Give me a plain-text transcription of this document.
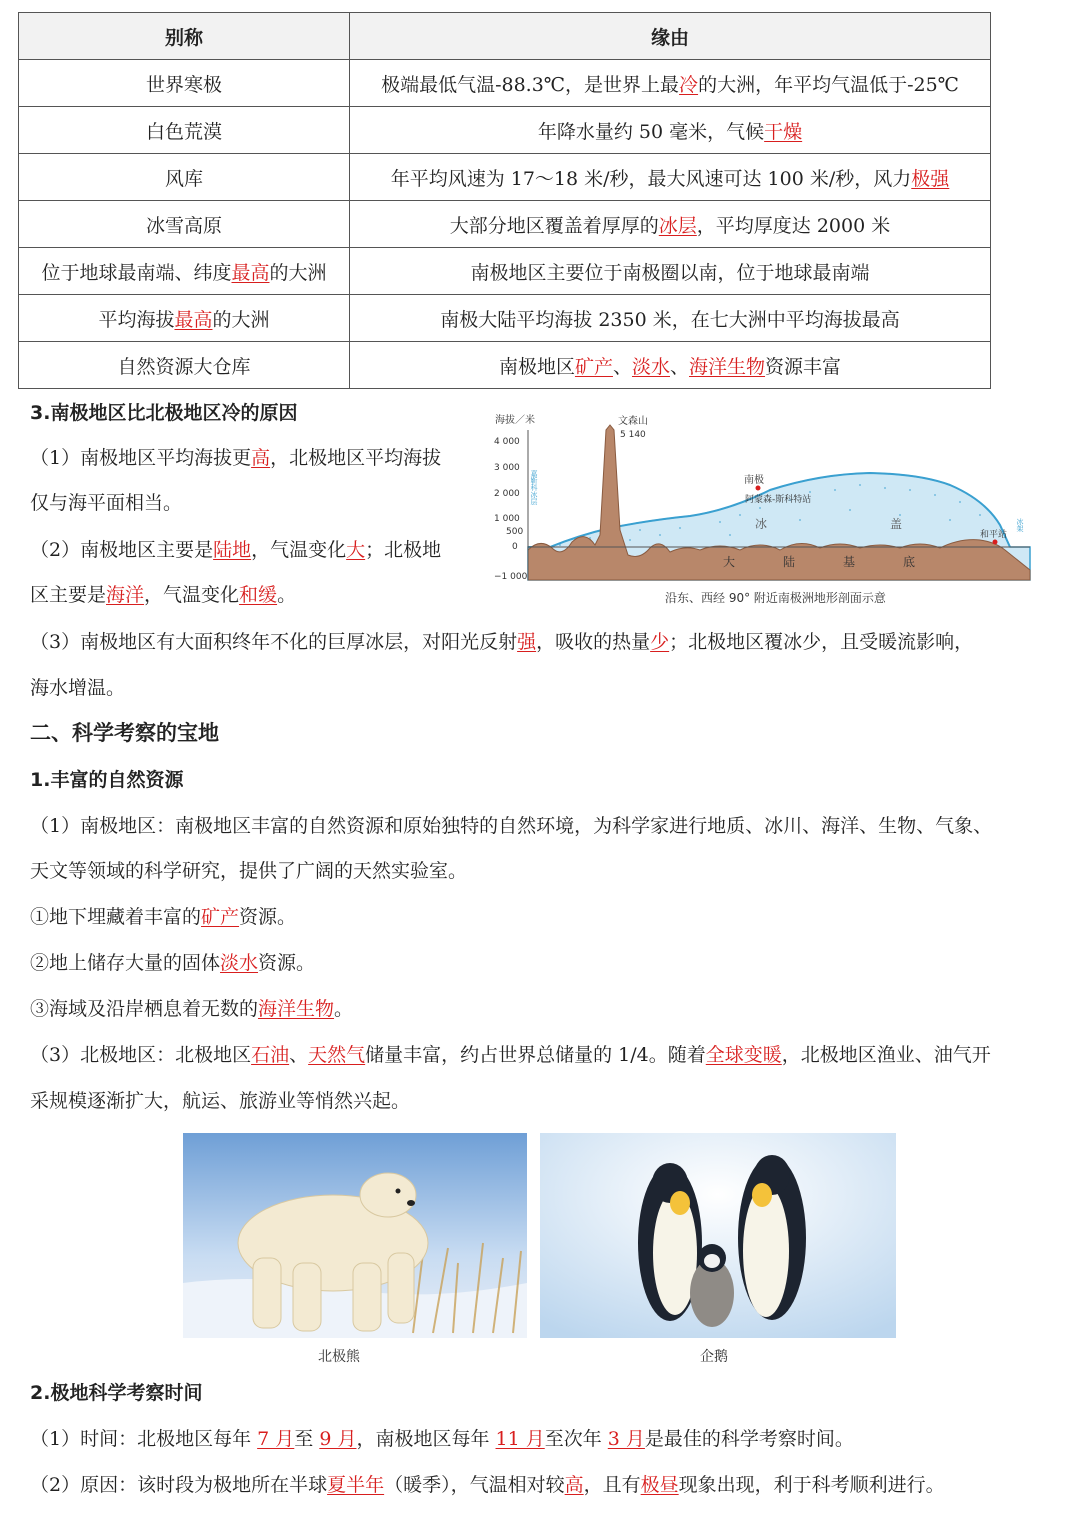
别称	缘由
世界寒极	极端最低气温-88.3℃，是世界上最冷的大洲，年平均气温低于-25℃
白色荒漠	年降水量约 50 毫米，气候干燥
风库	年平均风速为 17～18 米/秒，最大风速可达 100 米/秒，风力极强
冰雪高原	大部分地区覆盖着厚厚的冰层，平均厚度达 2000 米
位于地球最南端、纬度最高的大洲	南极地区主要位于南极圈以南，位于地球最南端
平均海拔最高的大洲	南极大陆平均海拔 2350 米，在七大洲中平均海拔最高
自然资源大仓库	南极地区矿产、淡水、海洋生物资源丰富
3.南极地区比北极地区冷的原因
（1）南极地区平均海拔更高，北极地区平均海拔
仅与海平面相当。
（2）南极地区主要是陆地，气温变化大；北极地
区主要是海洋，气温变化和缓。
（3）南极地区有大面积终年不化的巨厚冰层，对阳光反射强，吸收的热量少；北极地区覆冰少，且受暖流影响，
海水增温。
海拔／米
4 000
3 000
2 000
1 000
500
0
−1 000
文森山
5 140
南极
阿蒙森-斯科特站
冰	盖
大	陆	基	底
嘉靳科冰层
冰架
和平站
沿东、西经 90° 附近南极洲地形剖面示意
二、科学考察的宝地
1.丰富的自然资源
（1）南极地区：南极地区丰富的自然资源和原始独特的自然环境，为科学家进行地质、冰川、海洋、生物、气象、
天文等领域的科学研究，提供了广阔的天然实验室。
①地下埋藏着丰富的矿产资源。
②地上储存大量的固体淡水资源。
③海域及沿岸栖息着无数的海洋生物。
（3）北极地区：北极地区石油、天然气储量丰富，约占世界总储量的 1/4。随着全球变暖，北极地区渔业、油气开
采规模逐渐扩大，航运、旅游业等悄然兴起。
北极熊	企鹅
2.极地科学考察时间
（1）时间：北极地区每年 7 月至 9 月，南极地区每年 11 月至次年 3 月是最佳的科学考察时间。
（2）原因：该时段为极地所在半球夏半年（暖季），气温相对较高，且有极昼现象出现，利于科考顺利进行。
